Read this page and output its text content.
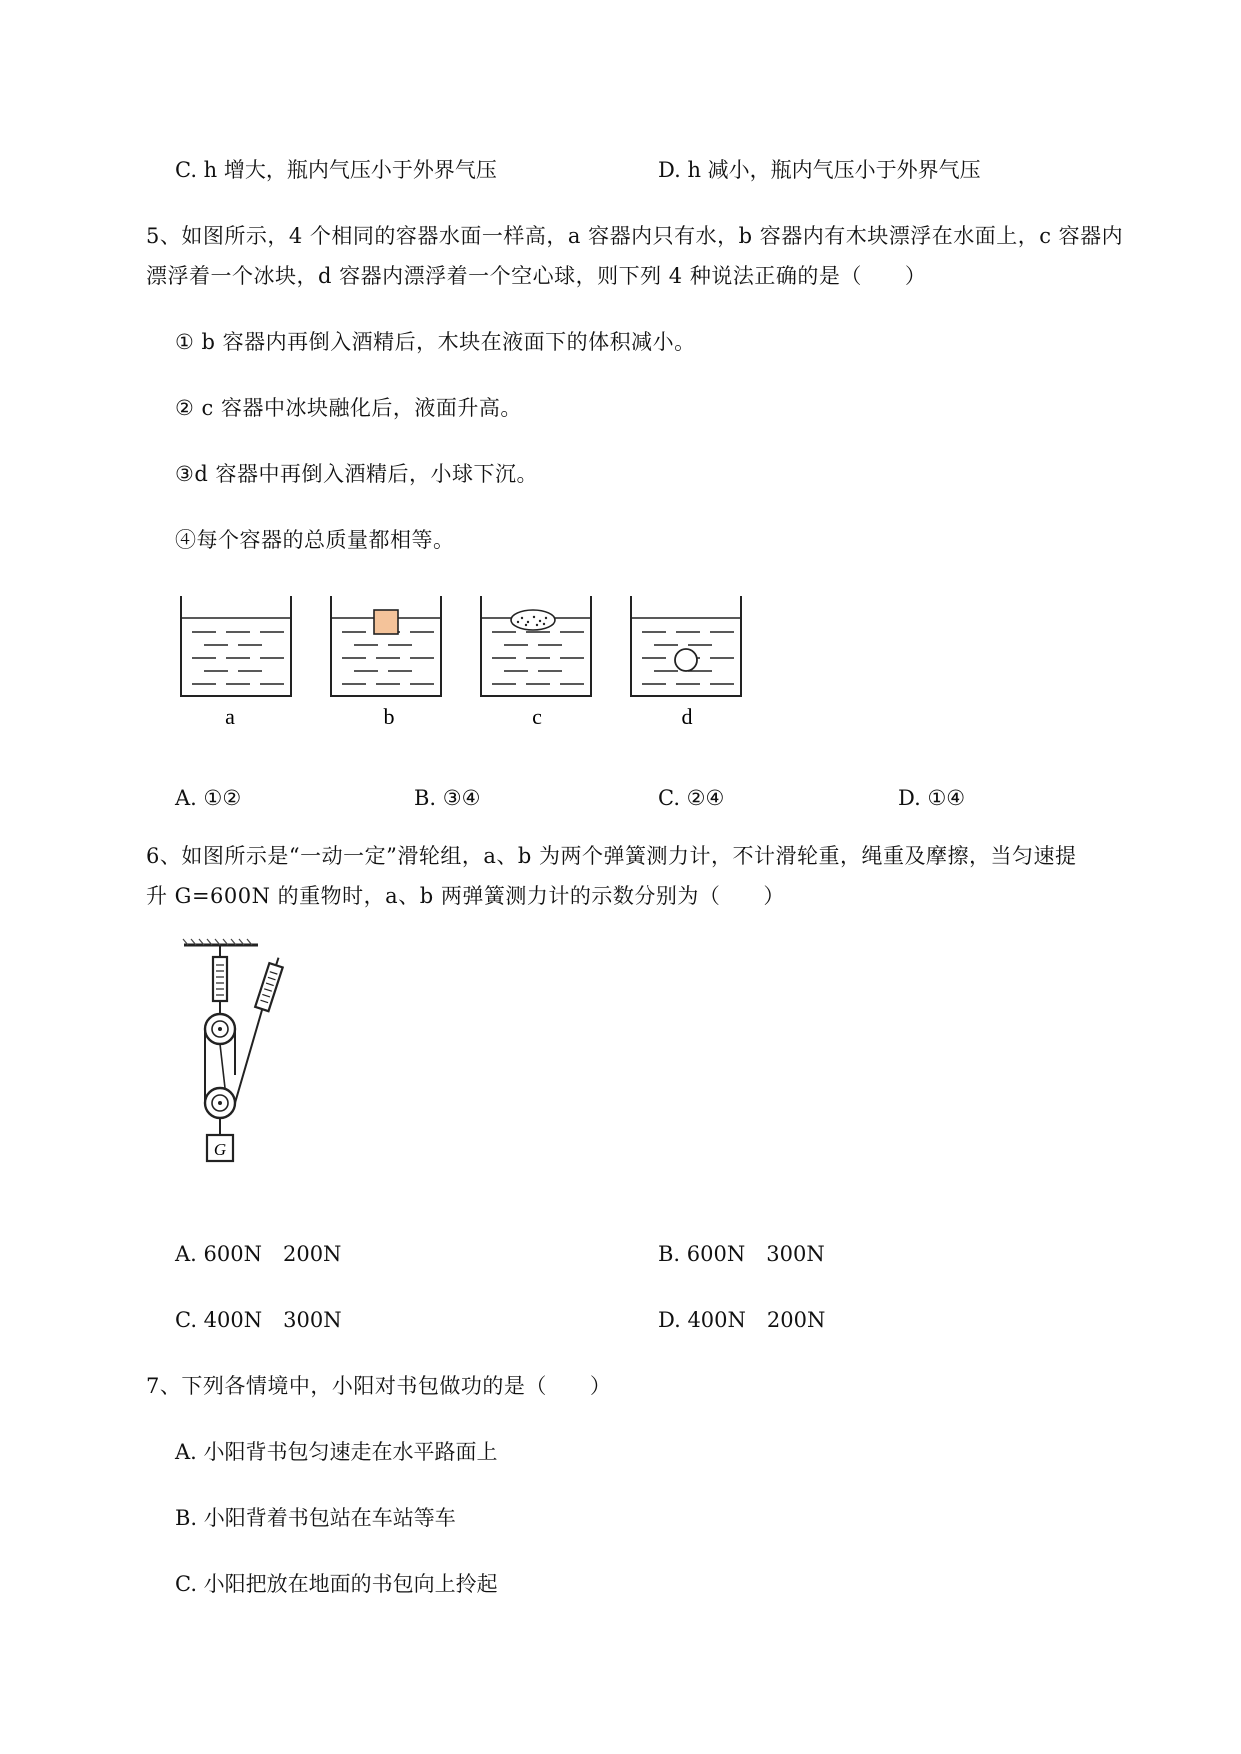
C. h 增大，瓶内气压小于外界气压	D. h 减小，瓶内气压小于外界气压
5、如图所示，4 个相同的容器水面一样高，a 容器内只有水，b 容器内有木块漂浮在水面上，c 容器内
漂浮着一个冰块，d 容器内漂浮着一个空心球，则下列 4 种说法正确的是（　　）
① b 容器内再倒入酒精后，木块在液面下的体积减小。
② c 容器中冰块融化后，液面升高。
③d 容器中再倒入酒精后，小球下沉。
④每个容器的总质量都相等。
a	b	c	d
A. ①②	B. ③④	C. ②④	D. ①④
6、如图所示是“一动一定”滑轮组，a、b 为两个弹簧测力计，不计滑轮重，绳重及摩擦，当匀速提
升 G=600N 的重物时，a、b 两弹簧测力计的示数分别为（　　）
G
A. 600N　200N	B. 600N　300N
C. 400N　300N	D. 400N　200N
7、下列各情境中，小阳对书包做功的是（　　）
A. 小阳背书包匀速走在水平路面上
B. 小阳背着书包站在车站等车
C. 小阳把放在地面的书包向上拎起
